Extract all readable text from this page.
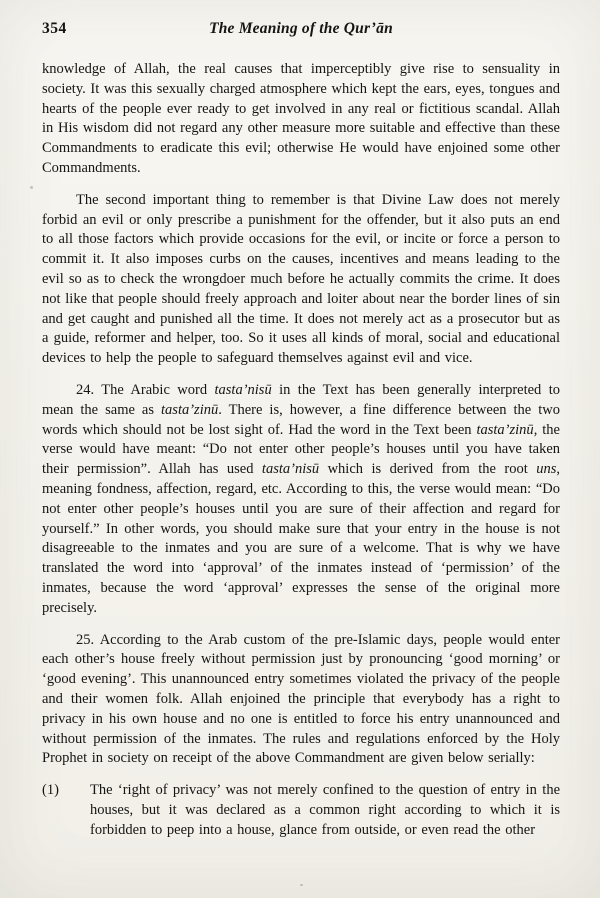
354	The Meaning of the Qur’ān
knowledge of Allah, the real causes that imperceptibly give rise to sensuality in society. It was this sexually charged atmosphere which kept the ears, eyes, tongues and hearts of the people ever ready to get involved in any real or fictitious scandal. Allah in His wisdom did not regard any other measure more suitable and effective than these Commandments to eradicate this evil; otherwise He would have enjoined some other Commandments.
The second important thing to remember is that Divine Law does not merely forbid an evil or only prescribe a punishment for the offender, but it also puts an end to all those factors which provide occasions for the evil, or incite or force a person to commit it. It also imposes curbs on the causes, incentives and means leading to the evil so as to check the wrongdoer much before he actually commits the crime. It does not like that people should freely approach and loiter about near the border lines of sin and get caught and punished all the time. It does not merely act as a prosecutor but as a guide, reformer and helper, too. So it uses all kinds of moral, social and educational devices to help the people to safeguard themselves against evil and vice.
24. The Arabic word tasta’nisū in the Text has been generally interpreted to mean the same as tasta’zinū. There is, however, a fine difference between the two words which should not be lost sight of. Had the word in the Text been tasta’zinū, the verse would have meant: “Do not enter other people’s houses until you have taken their permission”. Allah has used tasta’nisū which is derived from the root uns, meaning fondness, affection, regard, etc. According to this, the verse would mean: “Do not enter other people’s houses until you are sure of their affection and regard for yourself.” In other words, you should make sure that your entry in the house is not disagreeable to the inmates and you are sure of a welcome. That is why we have translated the word into ‘approval’ of the inmates instead of ‘permission’ of the inmates, because the word ‘approval’ expresses the sense of the original more precisely.
25. According to the Arab custom of the pre-Islamic days, people would enter each other’s house freely without permission just by pronouncing ‘good morning’ or ‘good evening’. This unannounced entry sometimes violated the privacy of the people and their women folk. Allah enjoined the principle that everybody has a right to privacy in his own house and no one is entitled to force his entry unannounced and without permission of the inmates. The rules and regulations enforced by the Holy Prophet in society on receipt of the above Commandment are given below serially:
(1)	The ‘right of privacy’ was not merely confined to the question of entry in the houses, but it was declared as a common right according to which it is forbidden to peep into a house, glance from outside, or even read the other
